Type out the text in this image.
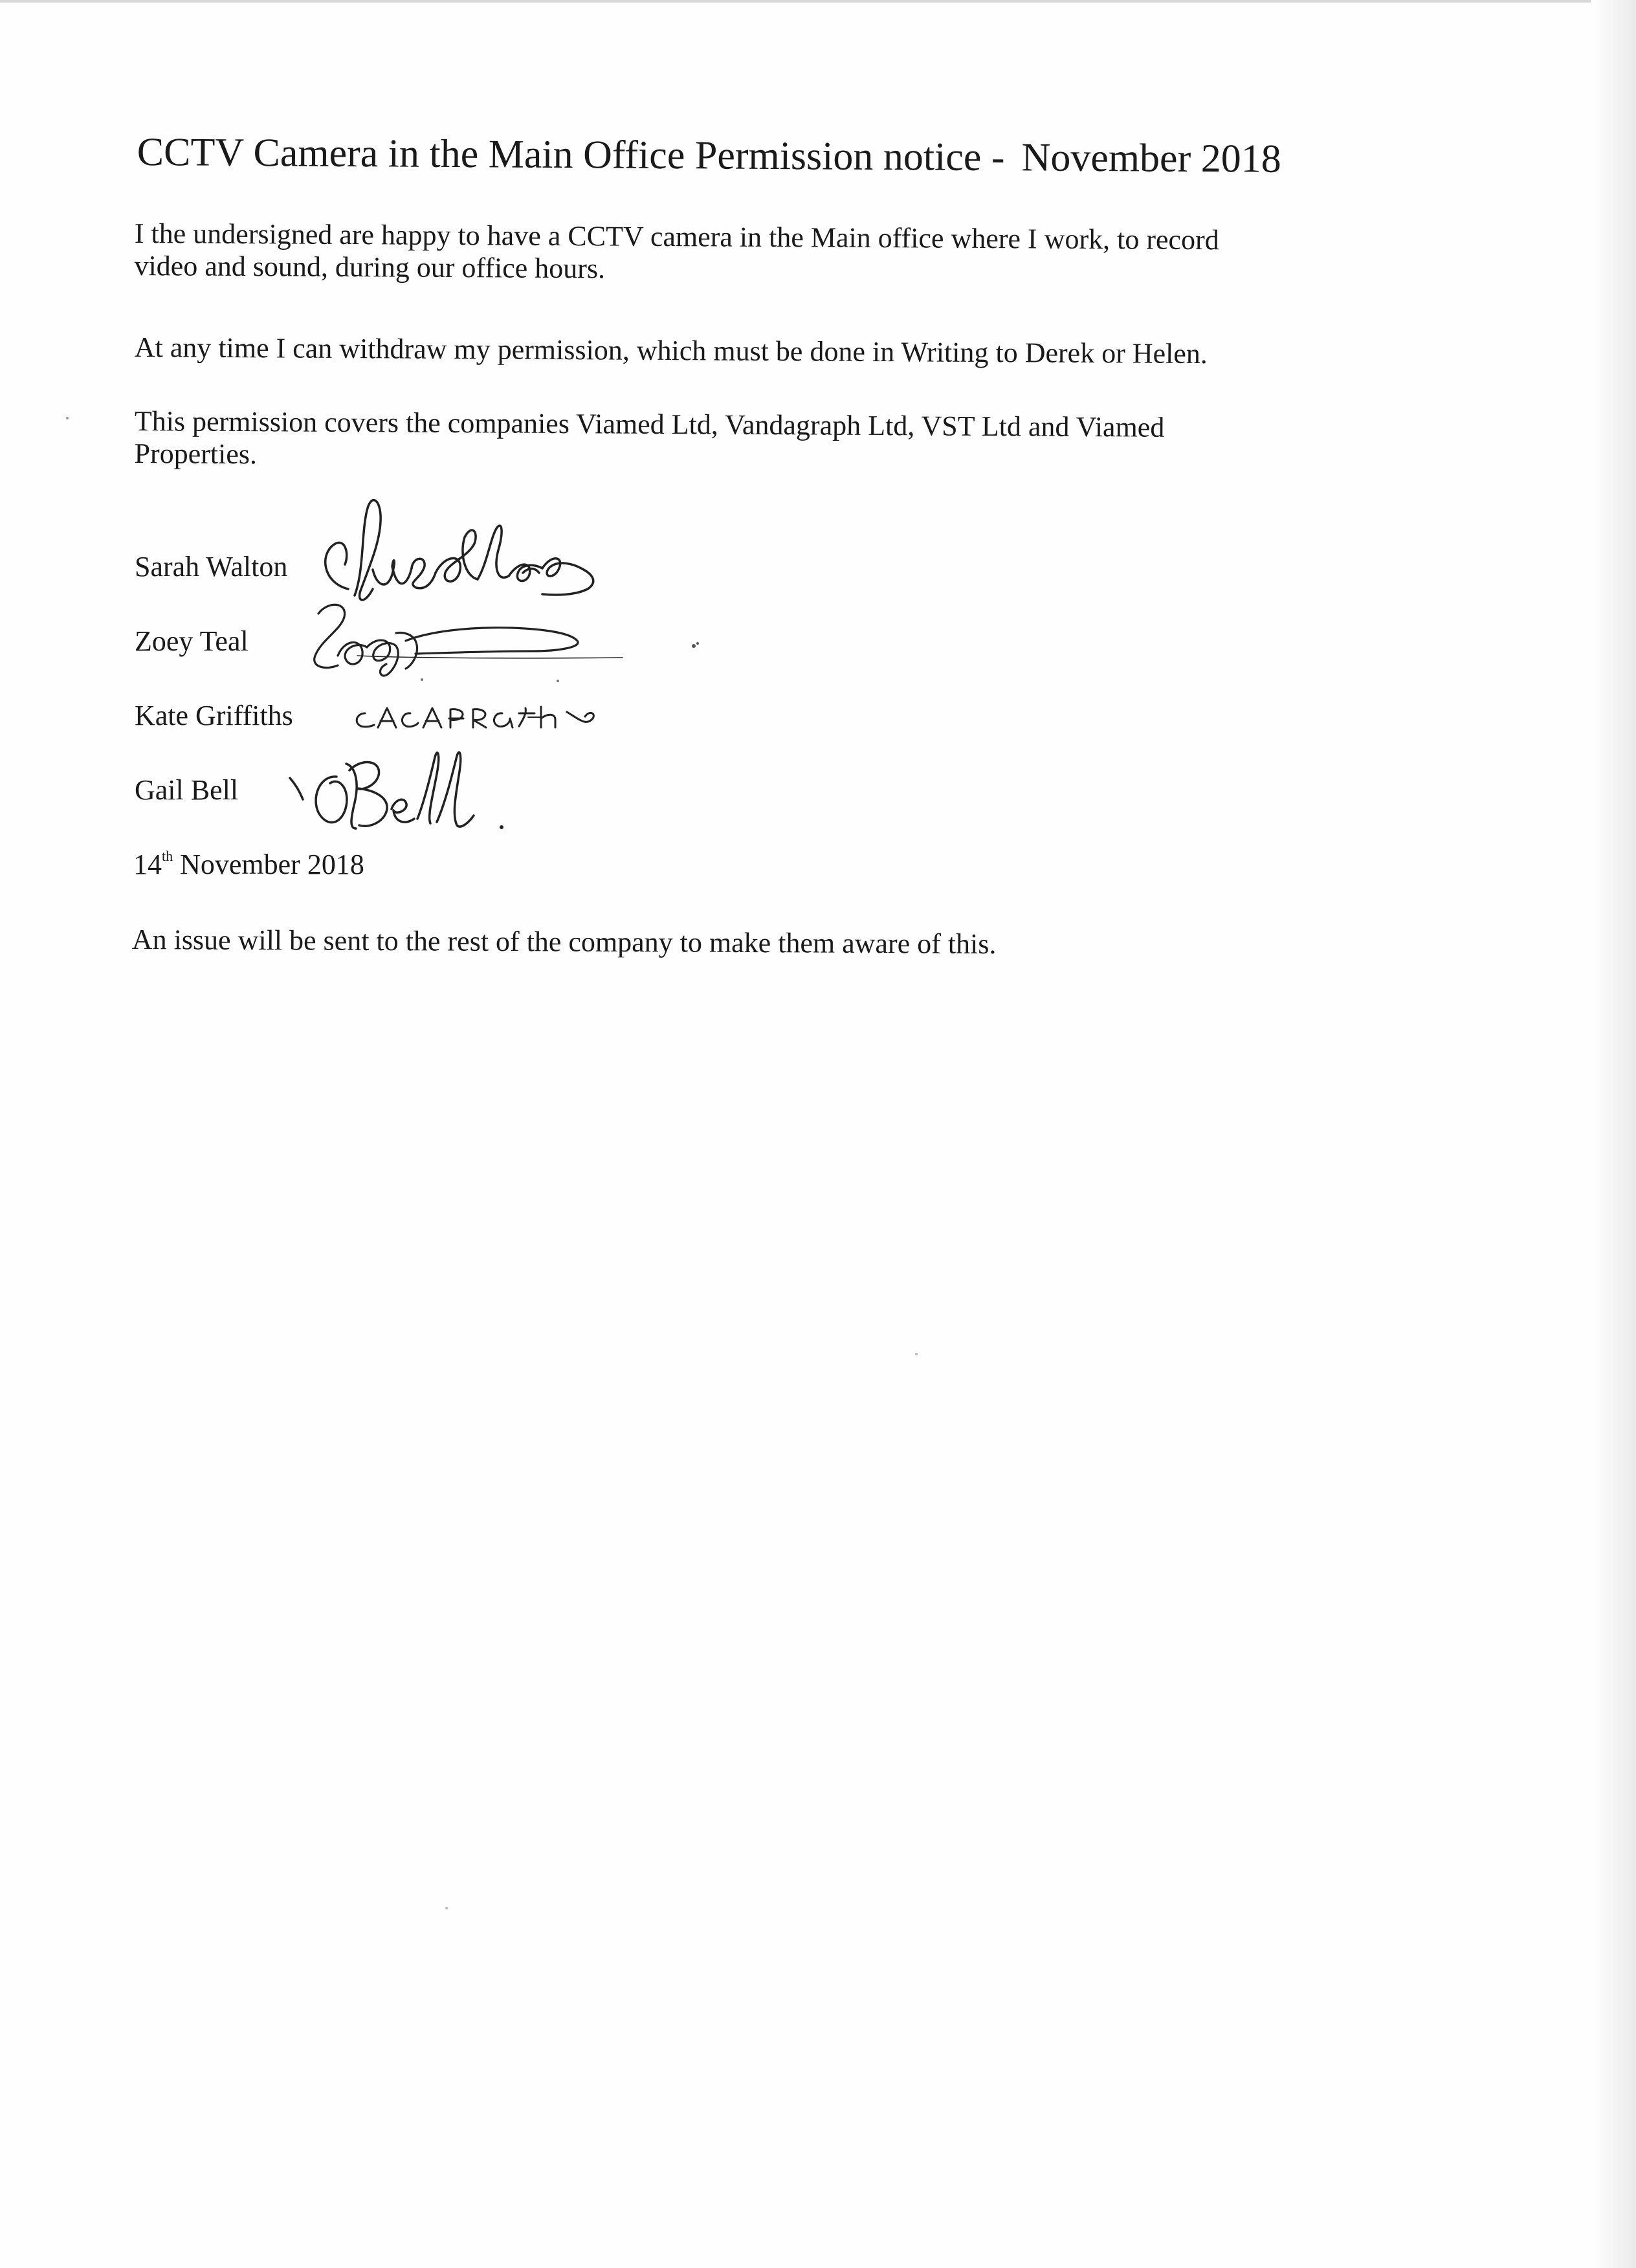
CCTV Camera in the Main Office Permission notice - November 2018
I the undersigned are happy to have a CCTV camera in the Main office where I work, to record
video and sound, during our office hours.
At any time I can withdraw my permission, which must be done in Writing to Derek or Helen.
This permission covers the companies Viamed Ltd, Vandagraph Ltd, VST Ltd and Viamed
Properties.
Sarah Walton
Zoey Teal
Kate Griffiths
Gail Bell
14th November 2018
An issue will be sent to the rest of the company to make them aware of this.
